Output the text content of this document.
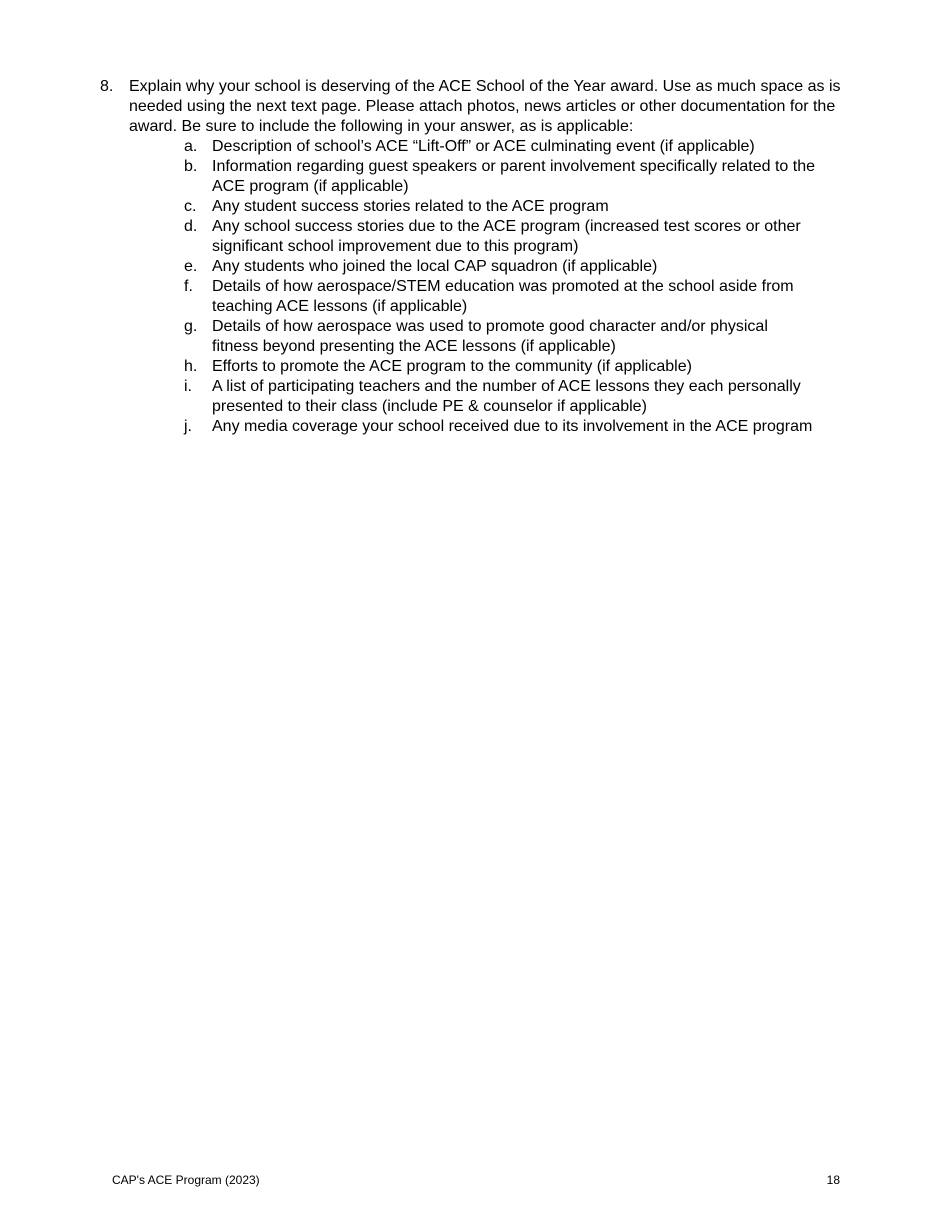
8. Explain why your school is deserving of the ACE School of the Year award. Use as much space as is needed using the next text page. Please attach photos, news articles or other documentation for the award. Be sure to include the following in your answer, as is applicable:
a. Description of school’s ACE “Lift-Off” or ACE culminating event (if applicable)
b. Information regarding guest speakers or parent involvement specifically related to the ACE program (if applicable)
c. Any student success stories related to the ACE program
d. Any school success stories due to the ACE program (increased test scores or other significant school improvement due to this program)
e. Any students who joined the local CAP squadron (if applicable)
f.	Details of how aerospace/STEM education was promoted at the school aside from teaching ACE lessons (if applicable)
g. Details of how aerospace was used to promote good character and/or physical fitness beyond presenting the ACE lessons (if applicable)
h. Efforts to promote the ACE program to the community (if applicable)
i.	A list of participating teachers and the number of ACE lessons they each personally presented to their class (include PE & counselor if applicable)
j.	Any media coverage your school received due to its involvement in the ACE program
CAP's ACE Program (2023)	18
